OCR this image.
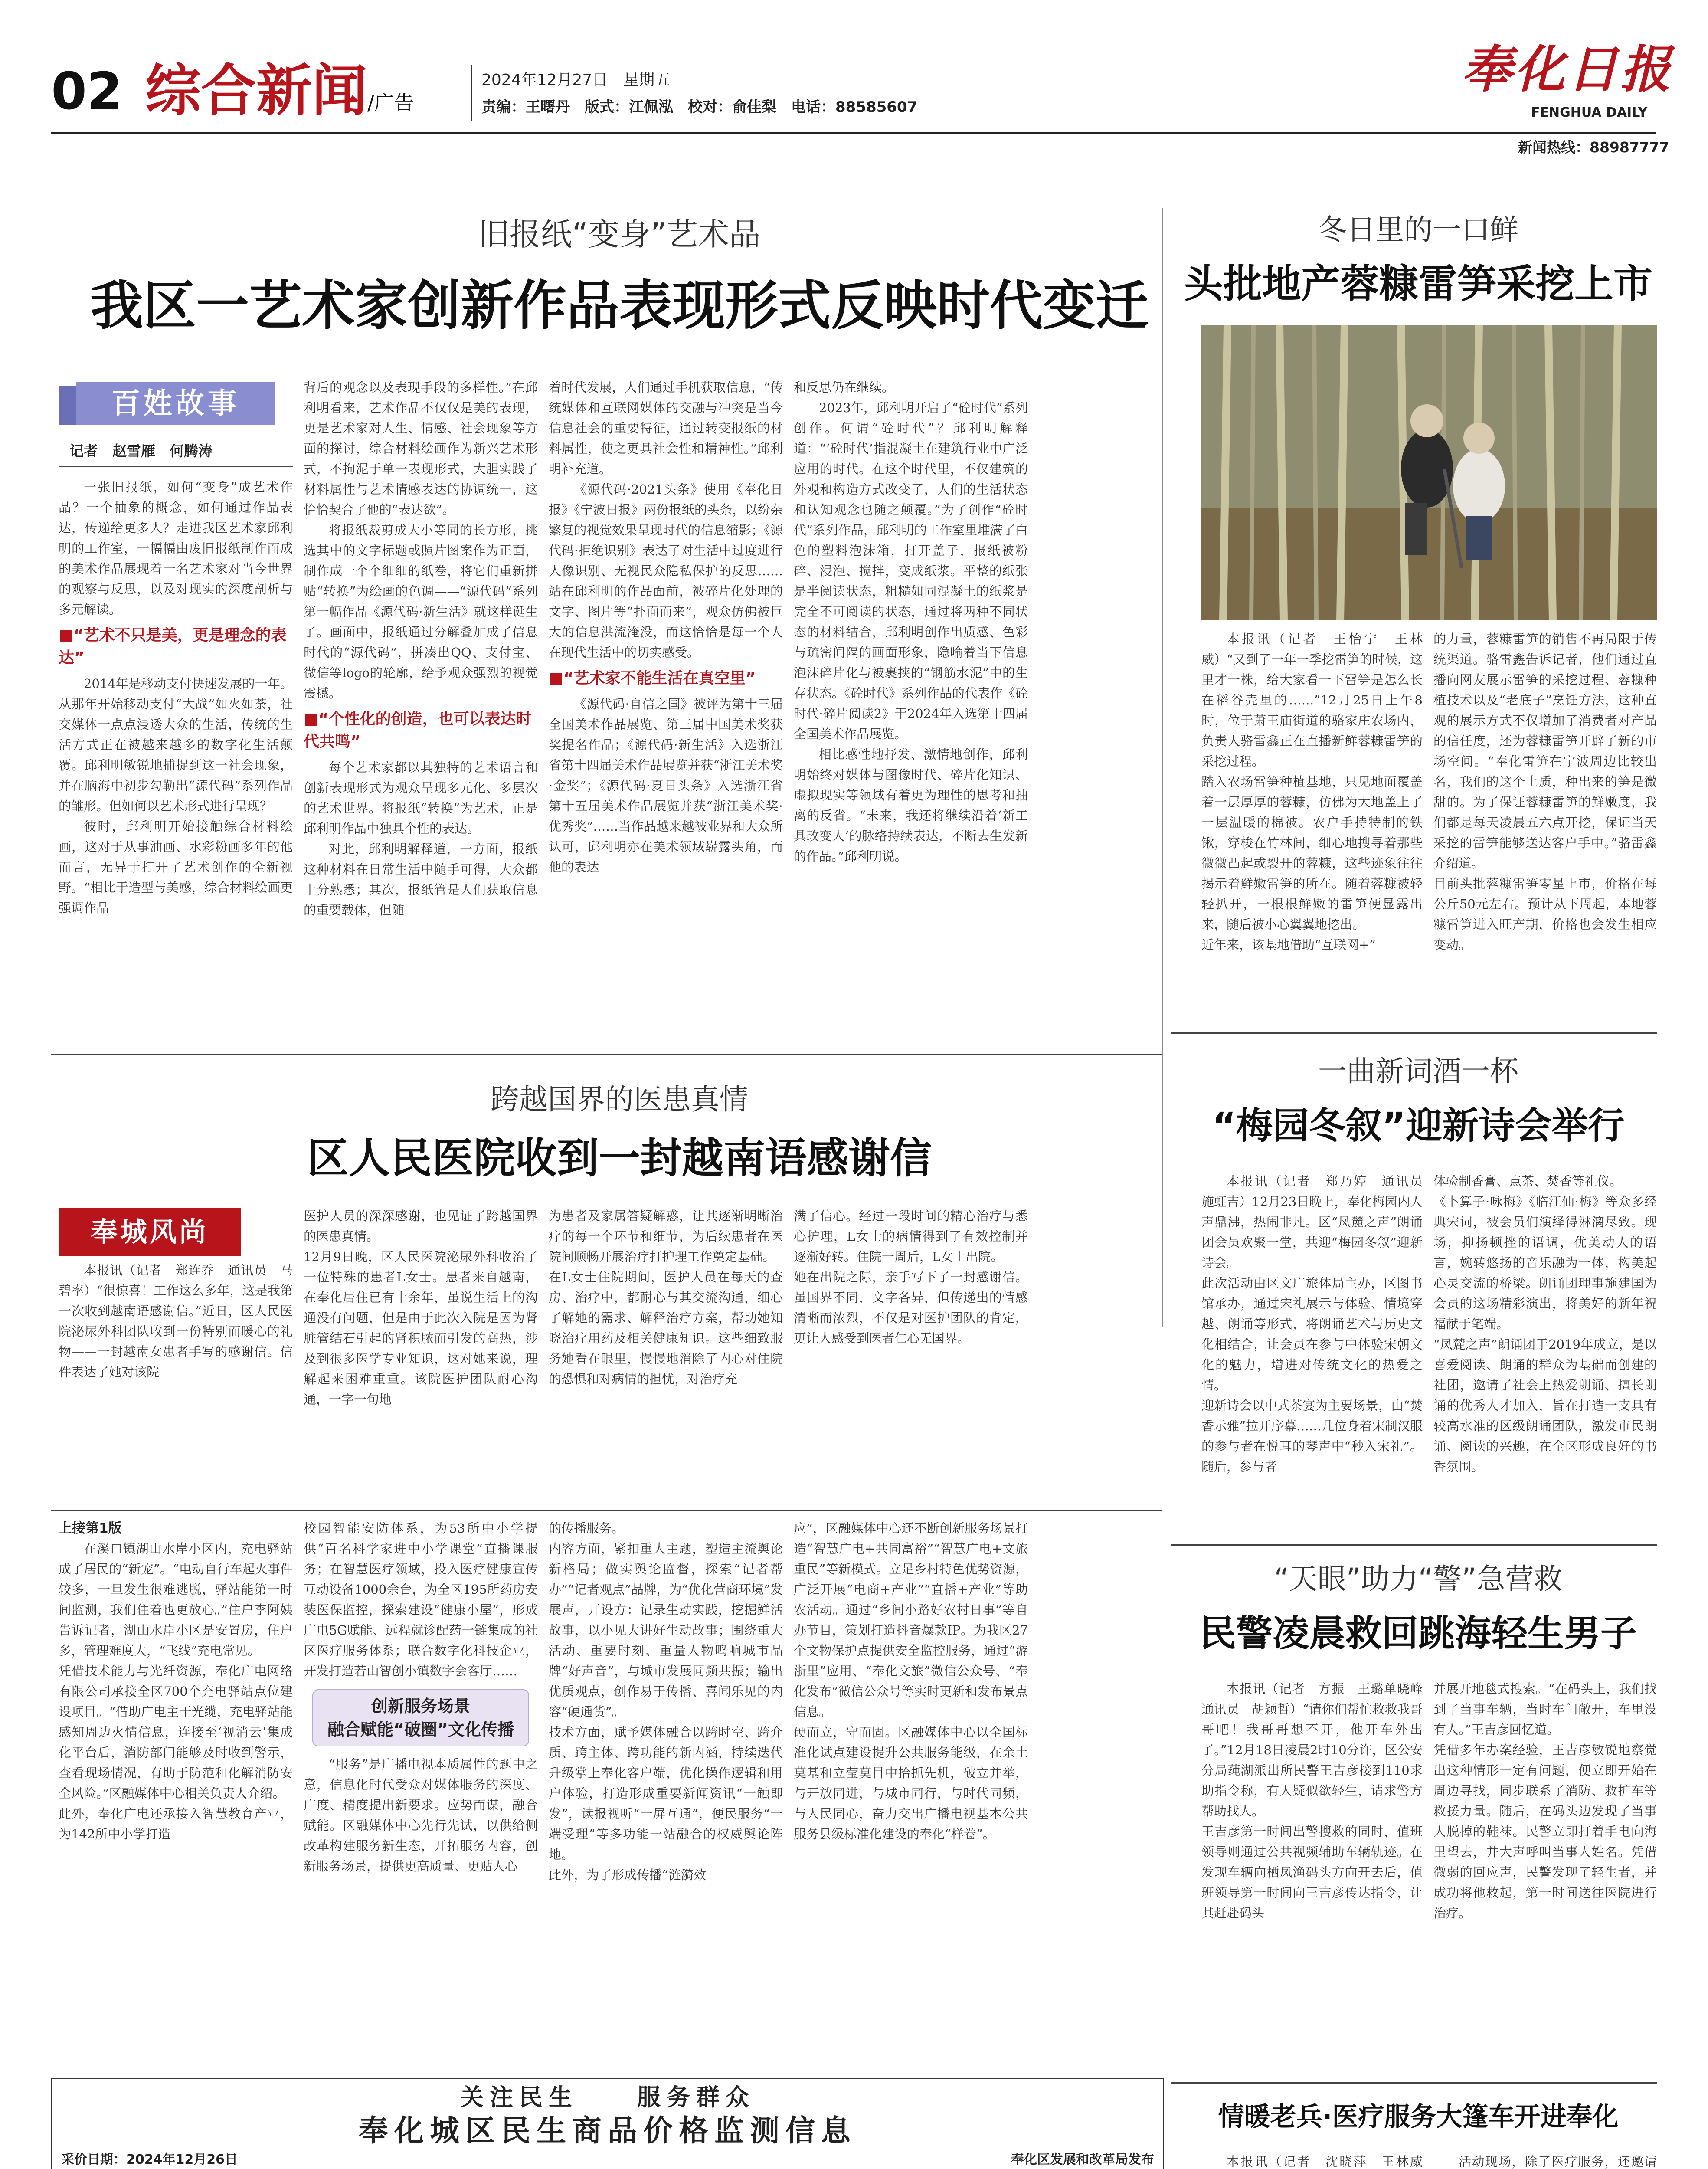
02 综合新闻/广告
2024年12月27日　星期五
责编：王曙丹　版式：江佩泓　校对：俞佳梨　电话：88585607
奉化日报
FENGHUA DAILY
新闻热线：88987777
旧报纸“变身”艺术品
我区一艺术家创新作品表现形式反映时代变迁
百姓故事
记者　赵雪雁　何腾涛

一张旧报纸，如何“变身”成艺术作品？一个抽象的概念，如何通过作品表达，传递给更多人？走进我区艺术家邱利明的工作室，一幅幅由废旧报纸制作而成的美术作品展现着一名艺术家对当今世界的观察与反思，以及对现实的深度剖析与多元解读。

■“艺术不只是美，更是理念的表达”

2014年是移动支付快速发展的一年。从那年开始移动支付“大战”如火如荼，社交媒体一点点浸透大众的生活，传统的生活方式正在被越来越多的数字化生活颠覆。邱利明敏锐地捕捉到这一社会现象，并在脑海中初步勾勒出“源代码”系列作品的雏形。但如何以艺术形式进行呈现？

彼时，邱利明开始接触综合材料绘画，这对于从事油画、水彩粉画多年的他而言，无异于打开了艺术创作的全新视野。“相比于造型与美感，综合材料绘画更强调作品

背后的观念以及表现手段的多样性。”在邱利明看来，艺术作品不仅仅是美的表现，更是艺术家对人生、情感、社会现象等方面的探讨，综合材料绘画作为新兴艺术形式，不拘泥于单一表现形式，大胆实践了材料属性与艺术情感表达的协调统一，这恰恰契合了他的“表达欲”。

将报纸裁剪成大小等同的长方形，挑选其中的文字标题或照片图案作为正面，制作成一个个细细的纸卷，将它们重新拼贴“转换”为绘画的色调——“源代码”系列第一幅作品《源代码·新生活》就这样诞生了。画面中，报纸通过分解叠加成了信息时代的“源代码”，拼凑出QQ、支付宝、微信等logo的轮廓，给予观众强烈的视觉震撼。

■“个性化的创造，也可以表达时代共鸣”

每个艺术家都以其独特的艺术语言和创新表现形式为观众呈现多元化、多层次的艺术世界。将报纸“转换”为艺术，正是邱利明作品中独具个性的表达。

对此，邱利明解释道，一方面，报纸这种材料在日常生活中随手可得，大众都十分熟悉；其次，报纸管是人们获取信息的重要载体，但随

着时代发展，人们通过手机获取信息，“传统媒体和互联网媒体的交融与冲突是当今信息社会的重要特征，通过转变报纸的材料属性，使之更具社会性和精神性。”邱利明补充道。

《源代码·2021头条》使用《奉化日报》《宁波日报》两份报纸的头条，以纷杂繁复的视觉效果呈现时代的信息缩影；《源代码·拒绝识别》表达了对生活中过度进行人像识别、无视民众隐私保护的反思……站在邱利明的作品面前，被碎片化处理的文字、图片等“扑面而来”，观众仿佛被巨大的信息洪流淹没，而这恰恰是每一个人在现代生活中的切实感受。

■“艺术家不能生活在真空里”

《源代码·自信之国》被评为第十三届全国美术作品展览、第三届中国美术奖获奖提名作品；《源代码·新生活》入选浙江省第十四届美术作品展览并获“浙江美术奖·金奖”；《源代码·夏日头条》入选浙江省第十五届美术作品展览并获“浙江美术奖·优秀奖”……当作品越来越被业界和大众所认可，邱利明亦在美术领域崭露头角，而他的表达

和反思仍在继续。

2023年，邱利明开启了“砼时代”系列创作。何谓“砼时代”？邱利明解释道：“‘砼时代’指混凝土在建筑行业中广泛应用的时代。在这个时代里，不仅建筑的外观和构造方式改变了，人们的生活状态和认知观念也随之颠覆。”为了创作“砼时代”系列作品，邱利明的工作室里堆满了白色的塑料泡沫箱，打开盖子，报纸被粉碎、浸泡、搅拌，变成纸浆。平整的纸张是半阅读状态，粗糙如同混凝土的纸浆是完全不可阅读的状态，通过将两种不同状态的材料结合，邱利明创作出质感、色彩与疏密间隔的画面形象，隐喻着当下信息泡沫碎片化与被裹挟的“钢筋水泥”中的生存状态。《砼时代》系列作品的代表作《砼时代·碎片阅读2》于2024年入选第十四届全国美术作品展览。

相比感性地抒发、激情地创作，邱利明始终对媒体与图像时代、碎片化知识、虚拟现实等领域有着更为理性的思考和抽离的反省。“未来，我还将继续沿着‘新工具改变人’的脉络持续表达，不断去生发新的作品。”邱利明说。

冬日里的一口鲜
头批地产蓉糠雷笋采挖上市

本报讯（记者　王怡宁　王林威）“又到了一年一季挖雷笋的时候，这里才一株，给大家看一下雷笋是怎么长在稻谷壳里的……”12月25日上午8时，位于萧王庙街道的骆家庄农场内，负责人骆雷鑫正在直播新鲜蓉糠雷笋的采挖过程。
踏入农场雷笋种植基地，只见地面覆盖着一层厚厚的蓉糠，仿佛为大地盖上了一层温暖的棉被。农户手持特制的铁锹，穿梭在竹林间，细心地搜寻着那些微微凸起或裂开的蓉糠，这些迹象往往揭示着鲜嫩雷笋的所在。随着蓉糠被轻轻扒开，一根根鲜嫩的雷笋便显露出来，随后被小心翼翼地挖出。
近年来，该基地借助“互联网+”

的力量，蓉糠雷笋的销售不再局限于传统渠道。骆雷鑫告诉记者，他们通过直播向网友展示雷笋的采挖过程、蓉糠种植技术以及“老底子”烹饪方法，这种直观的展示方式不仅增加了消费者对产品的信任度，还为蓉糠雷笋开辟了新的市场空间。“奉化雷笋在宁波周边比较出名，我们的这个土质，种出来的笋是微甜的。为了保证蓉糠雷笋的鲜嫩度，我们都是每天凌晨五六点开挖，保证当天采挖的雷笋能够送达客户手中。”骆雷鑫介绍道。
目前头批蓉糠雷笋零星上市，价格在每公斤50元左右。预计从下周起，本地蓉糠雷笋进入旺产期，价格也会发生相应变动。

跨越国界的医患真情
区人民医院收到一封越南语感谢信
奉城风尚

本报讯（记者　郑连乔　通讯员　马碧率）“很惊喜！工作这么多年，这是我第一次收到越南语感谢信。”近日，区人民医院泌尿外科团队收到一份特别而暖心的礼物——一封越南女患者手写的感谢信。信件表达了她对该院

医护人员的深深感谢，也见证了跨越国界的医患真情。
12月9日晚，区人民医院泌尿外科收治了一位特殊的患者L女士。患者来自越南，在奉化居住已有十余年，虽说生活上的沟通没有问题，但是由于此次入院是因为肾脏管结石引起的肾积脓而引发的高热，涉及到很多医学专业知识，这对她来说，理解起来困难重重。该院医护团队耐心沟通，一字一句地

为患者及家属答疑解惑，让其逐渐明晰治疗的每一个环节和细节，为后续患者在医院间顺畅开展治疗打护理工作奠定基础。
在L女士住院期间，医护人员在每天的查房、治疗中，都耐心与其交流沟通，细心了解她的需求、解释治疗方案，帮助她知晓治疗用药及相关健康知识。这些细致服务她看在眼里，慢慢地消除了内心对住院的恐惧和对病情的担忧，对治疗充

满了信心。经过一段时间的精心治疗与悉心护理，L女士的病情得到了有效控制并逐渐好转。住院一周后，L女士出院。
她在出院之际，亲手写下了一封感谢信。虽国界不同，文字各异，但传递出的情感清晰而浓烈，不仅是对医护团队的肯定，更让人感受到医者仁心无国界。

一曲新词酒一杯
“梅园冬叙”迎新诗会举行

本报讯（记者　郑乃婷　通讯员　施虹吉）12月23日晚上，奉化梅园内人声鼎沸，热闹非凡。区“凤麓之声”朗诵团会员欢聚一堂，共迎“梅园冬叙”迎新诗会。
此次活动由区文广旅体局主办，区图书馆承办，通过宋礼展示与体验、情境穿越、朗诵等形式，将朗诵艺术与历史文化相结合，让会员在参与中体验宋朝文化的魅力，增进对传统文化的热爱之情。
迎新诗会以中式茶宴为主要场景，由“焚香示雅”拉开序幕……几位身着宋制汉服的参与者在悦耳的琴声中“秒入宋礼”。随后，参与者

体验制香膏、点茶、焚香等礼仪。
《卜算子·咏梅》《临江仙·梅》等众多经典宋词，被会员们演绎得淋漓尽致。现场，抑扬顿挫的语调，优美动人的语言，婉转悠扬的音乐融为一体，构美起心灵交流的桥梁。朗诵团理事施建国为会员的这场精彩演出，将美好的新年祝福献于笔端。
“凤麓之声”朗诵团于2019年成立，是以喜爱阅读、朗诵的群众为基础而创建的社团，邀请了社会上热爱朗诵、擅长朗诵的优秀人才加入，旨在打造一支具有较高水准的区级朗诵团队，激发市民朗诵、阅读的兴趣，在全区形成良好的书香氛围。

上接第1版

在溪口镇湖山水岸小区内，充电驿站成了居民的“新宠”。“电动自行车起火事件较多，一旦发生很难逃脱，驿站能第一时间监测，我们住着也更放心。”住户李阿姨告诉记者，湖山水岸小区是安置房，住户多，管理难度大，“飞线”充电常见。
凭借技术能力与光纤资源，奉化广电网络有限公司承接全区700个充电驿站点位建设项目。“借助广电主干光缆，充电驿站能感知周边火情信息，连接至‘视消云’集成化平台后，消防部门能够及时收到警示，查看现场情况，有助于防范和化解消防安全风险。”区融媒体中心相关负责人介绍。
此外，奉化广电还承接入智慧教育产业，为142所中小学打造

校园智能安防体系，为53所中小学提供“百名科学家进中小学课堂”直播课服务；在智慧医疗领域，投入医疗健康宣传互动设备1000余台，为全区195所药房安装医保监控，探索建设“健康小屋”，形成广电5G赋能、远程就诊配药一链集成的社区医疗服务体系；联合数字化科技企业，开发打造若山智创小镇数字会客厅……

创新服务场景
融合赋能“破圈”文化传播

“服务”是广播电视本质属性的题中之意，信息化时代受众对媒体服务的深度、广度、精度提出新要求。应势而谋，融合赋能。区融媒体中心先行先试，以供给侧改革构建服务新生态，开拓服务内容，创新服务场景，提供更高质量、更贴人心

的传播服务。
内容方面，紧扣重大主题，塑造主流舆论新格局；做实舆论监督，探索“记者帮办”“记者观点”品牌，为“优化营商环境”发展声，开设方：记录生动实践，挖掘鲜活故事，以小见大讲好生动故事；围绕重大活动、重要时刻、重量人物鸣响城市品牌“好声音”，与城市发展同频共振；输出优质观点，创作易于传播、喜闻乐见的内容“硬通货”。
技术方面，赋予媒体融合以跨时空、跨介质、跨主体、跨功能的新内涵，持续迭代升级掌上奉化客户端，优化操作逻辑和用户体验，打造形成重要新闻资讯“一触即发”，读报视听“一屏互通”，便民服务“一端受理”等多功能一站融合的权威舆论阵地。
此外，为了形成传播“涟漪效

应”，区融媒体中心还不断创新服务场景打造“智慧广电+共同富裕”“智慧广电+文旅重民”等新模式。立足乡村特色优势资源，广泛开展“电商+产业”“直播+产业”等助农活动。通过“乡间小路好农村日事”等自办节目，策划打造抖音爆款IP。为我区27个文物保护点提供安全监控服务，通过“游浙里”应用、“奉化文旅”微信公众号、“奉化发布”微信公众号等实时更新和发布景点信息。
硬而立，守而固。区融媒体中心以全国标准化试点建设提升公共服务能级，在余土莫基和立莹莫目中拾抓先机，破立并举，与开放同进，与城市同行，与时代同频，与人民同心，奋力交出广播电视基本公共服务县级标准化建设的奉化“样卷”。

“天眼”助力“警”急营救
民警凌晨救回跳海轻生男子

本报讯（记者　方振　王璐单晓峰　通讯员　胡颖哲）“请你们帮忙救救我哥哥吧！我哥哥想不开，他开车外出了。”12月18日凌晨2时10分许，区公安分局莼湖派出所民警王吉彦接到110求助指令称，有人疑似欲轻生，请求警方帮助找人。
王吉彦第一时间出警搜救的同时，值班领导则通过公共视频辅助车辆轨迹。在发现车辆向栖凤渔码头方向开去后，值班领导第一时间向王吉彦传达指令，让其赶赴码头

并展开地毯式搜索。“在码头上，我们找到了当事车辆，当时车门敞开，车里没有人。”王吉彦回忆道。
凭借多年办案经验，王吉彦敏锐地察觉出这种情形一定有问题，便立即开始在周边寻找，同步联系了消防、救护车等救援力量。随后，在码头边发现了当事人脱掉的鞋袜。民警立即打着手电向海里望去，并大声呼叫当事人姓名。凭借微弱的回应声，民警发现了轻生者，并成功将他救起，第一时间送往医院进行治疗。

关注民生　　服务群众
奉化城区民生商品价格监测信息
采价日期：2024年12月26日	奉化区发展和改革局发布

情暖老兵·医疗服务大篷车开进奉化

本报讯（记者　沈晓萍　王林威　　	活动现场，除了医疗服务，还邀请
